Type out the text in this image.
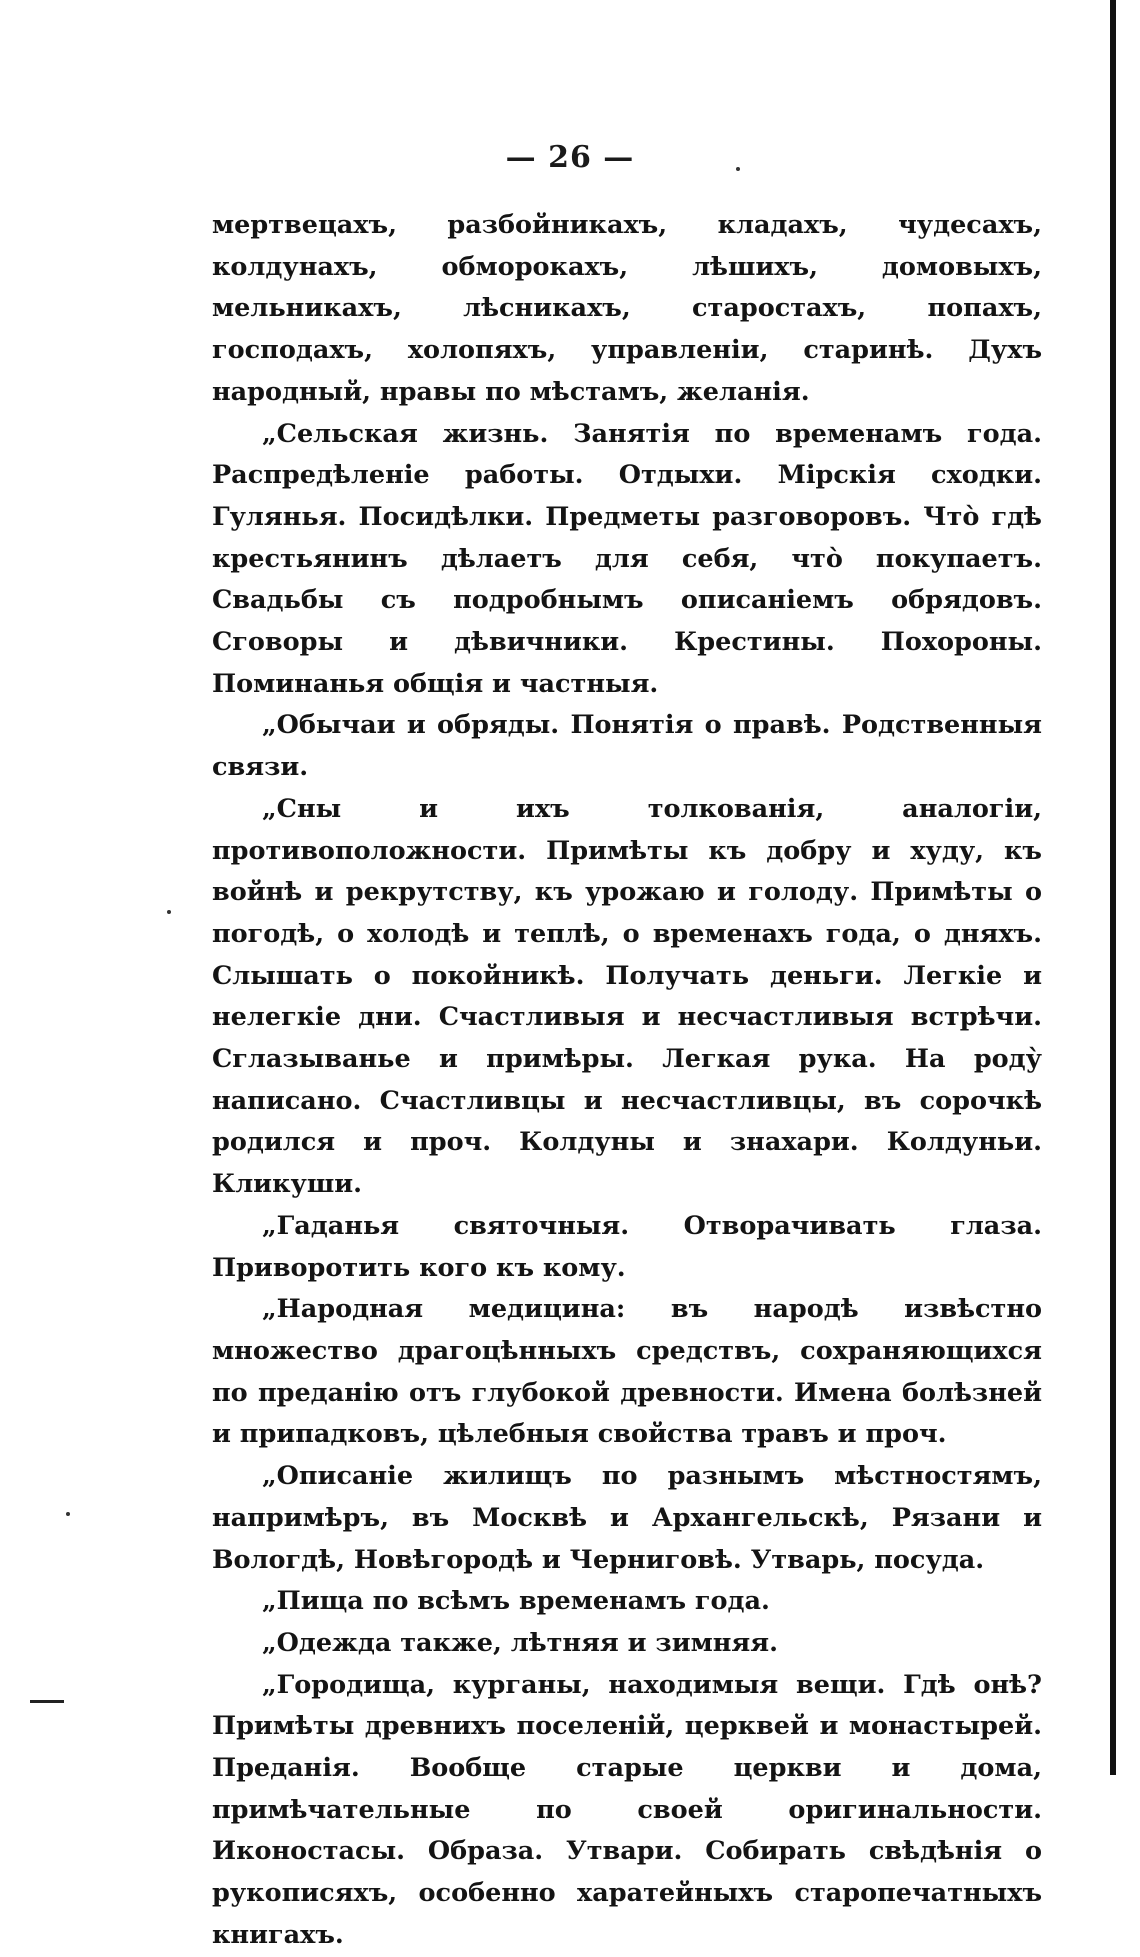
— 26 —

мертвецахъ, разбойникахъ, кладахъ, чудесахъ, колдунахъ, обморокахъ, лѣшихъ, домовыхъ, мельникахъ, лѣсникахъ, старостахъ, попахъ, господахъ, холопяхъ, управленіи, старинѣ. Духъ народный, нравы по мѣстамъ, желанія.

„Сельская жизнь. Занятія по временамъ года. Распредѣленіе работы. Отдыхи. Мірскія сходки. Гулянья. Посидѣлки. Предметы разговоровъ. Чтò гдѣ крестьянинъ дѣлаетъ для себя, чтò покупаетъ. Свадьбы съ подробнымъ описаніемъ обрядовъ. Сговоры и дѣвичники. Крестины. Похороны. Поминанья общія и частныя.

„Обычаи и обряды. Понятія о правѣ. Родственныя связи.

„Сны и ихъ толкованія, аналогіи, противоположности. Примѣты къ добру и худу, къ войнѣ и рекрутству, къ урожаю и голоду. Примѣты о погодѣ, о холодѣ и теплѣ, о временахъ года, о дняхъ. Слышать о покойникѣ. Получать деньги. Легкіе и нелегкіе дни. Счастливыя и несчастливыя встрѣчи. Сглазыванье и примѣры. Легкая рука. На роду̀ написано. Счастливцы и несчастливцы, въ сорочкѣ родился и проч. Колдуны и знахари. Колдуньи. Кликуши.

„Гаданья святочныя. Отворачивать глаза. Приворотить кого къ кому.

„Народная медицина: въ народѣ извѣстно множество драгоцѣнныхъ средствъ, сохраняющихся по преданію отъ глубокой древности. Имена болѣзней и припадковъ, цѣлебныя свойства травъ и проч.

„Описаніе жилищъ по разнымъ мѣстностямъ, напримѣръ, въ Москвѣ и Архангельскѣ, Рязани и Вологдѣ, Новѣгородѣ и Черниговѣ. Утварь, посуда.

„Пища по всѣмъ временамъ года.

„Одежда также, лѣтняя и зимняя.

„Городища, курганы, находимыя вещи. Гдѣ онѣ? Примѣты древнихъ поселеній, церквей и монастырей. Преданія. Вообще старые церкви и дома, примѣчательные по своей оригинальности. Иконостасы. Образа. Утвари. Собирать свѣдѣнія о рукописяхъ, особенно харатейныхъ старопечатныхъ книгахъ.
